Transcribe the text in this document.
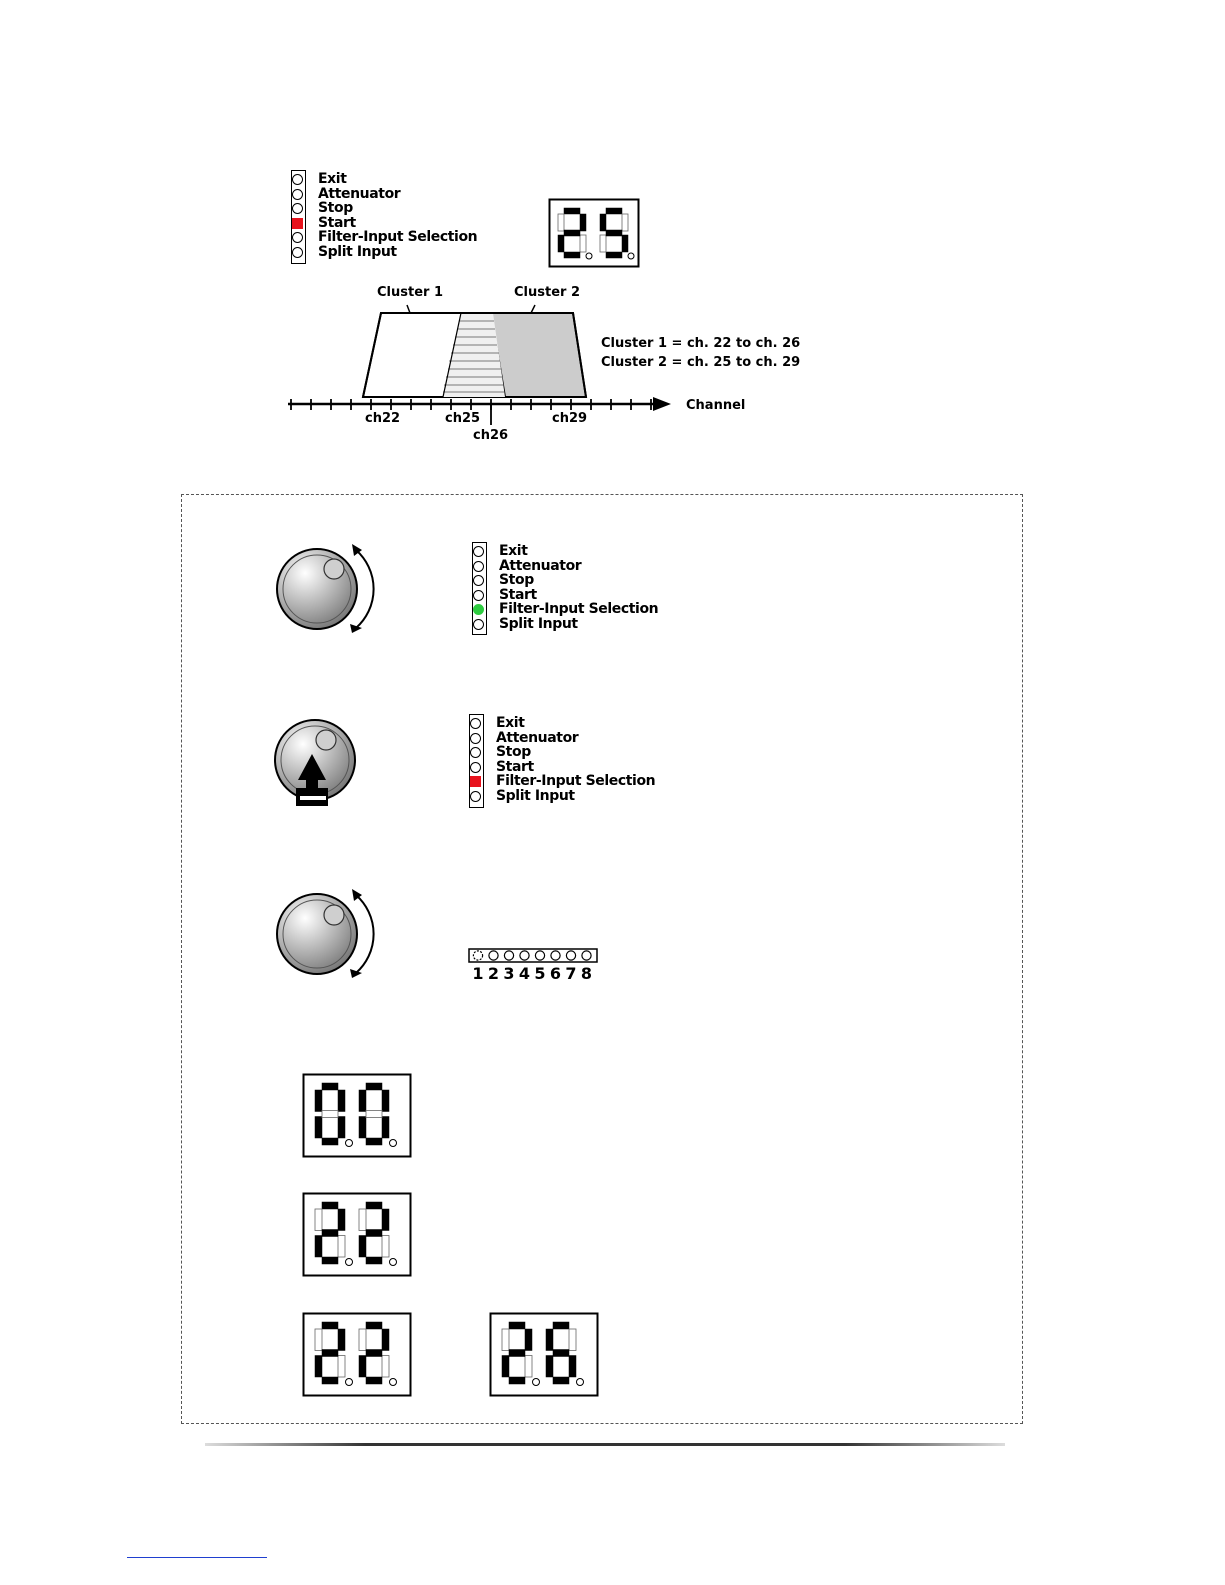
Cluster 1	Cluster 2
Cluster 1 = ch. 22 to ch. 26
Cluster 2 = ch. 25 to ch. 29
Channel
ch22	ch25
ch26
ch29
1 2 3 4 5 6 7 8
Exit
Attenuator
Stop
Start
Filter-Input Selection
Split Input
Exit
Attenuator
Stop
Start
Filter-Input Selection
Split Input
Exit
Attenuator
Stop
Start
Filter-Input Selection
Split Input
